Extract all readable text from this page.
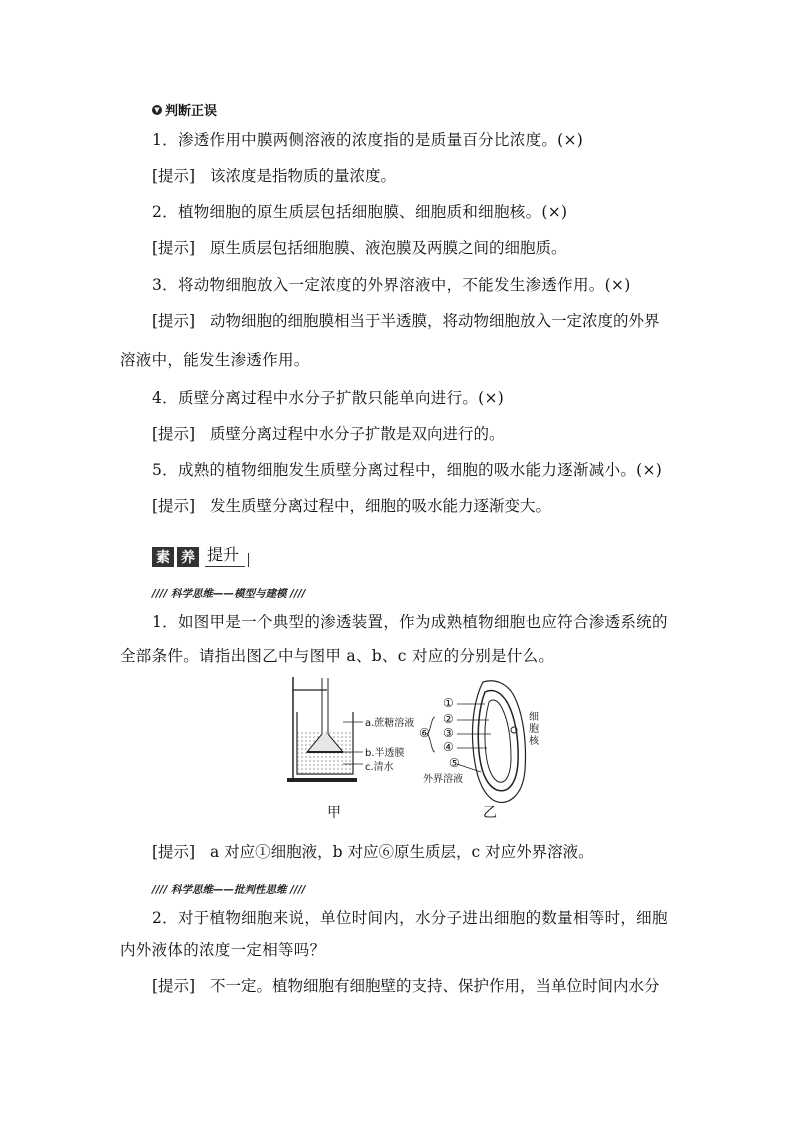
▼ 判断正误
1．渗透作用中膜两侧溶液的浓度指的是质量百分比浓度。(×)
[提示] 该浓度是指物质的量浓度。
2．植物细胞的原生质层包括细胞膜、细胞质和细胞核。(×)
[提示] 原生质层包括细胞膜、液泡膜及两膜之间的细胞质。
3．将动物细胞放入一定浓度的外界溶液中，不能发生渗透作用。(×)
[提示] 动物细胞的细胞膜相当于半透膜，将动物细胞放入一定浓度的外界
溶液中，能发生渗透作用。
4．质壁分离过程中水分子扩散只能单向进行。(×)
[提示] 质壁分离过程中水分子扩散是双向进行的。
5．成熟的植物细胞发生质壁分离过程中，细胞的吸水能力逐渐减小。(×)
[提示] 发生质壁分离过程中，细胞的吸水能力逐渐变大。
素 养 提升
//// 科学思维——模型与建模 ////
1．如图甲是一个典型的渗透装置，作为成熟植物细胞也应符合渗透系统的
全部条件。请指出图乙中与图甲 a、b、c 对应的分别是什么。
a.蔗糖溶液
b.半透膜
c.清水
①
②
③
④
⑤
⑥
细
胞
核
外界溶液
甲	乙
[提示] a 对应①细胞液，b 对应⑥原生质层，c 对应外界溶液。
//// 科学思维——批判性思维 ////
2．对于植物细胞来说，单位时间内，水分子进出细胞的数量相等时，细胞
内外液体的浓度一定相等吗？
[提示] 不一定。植物细胞有细胞壁的支持、保护作用，当单位时间内水分
